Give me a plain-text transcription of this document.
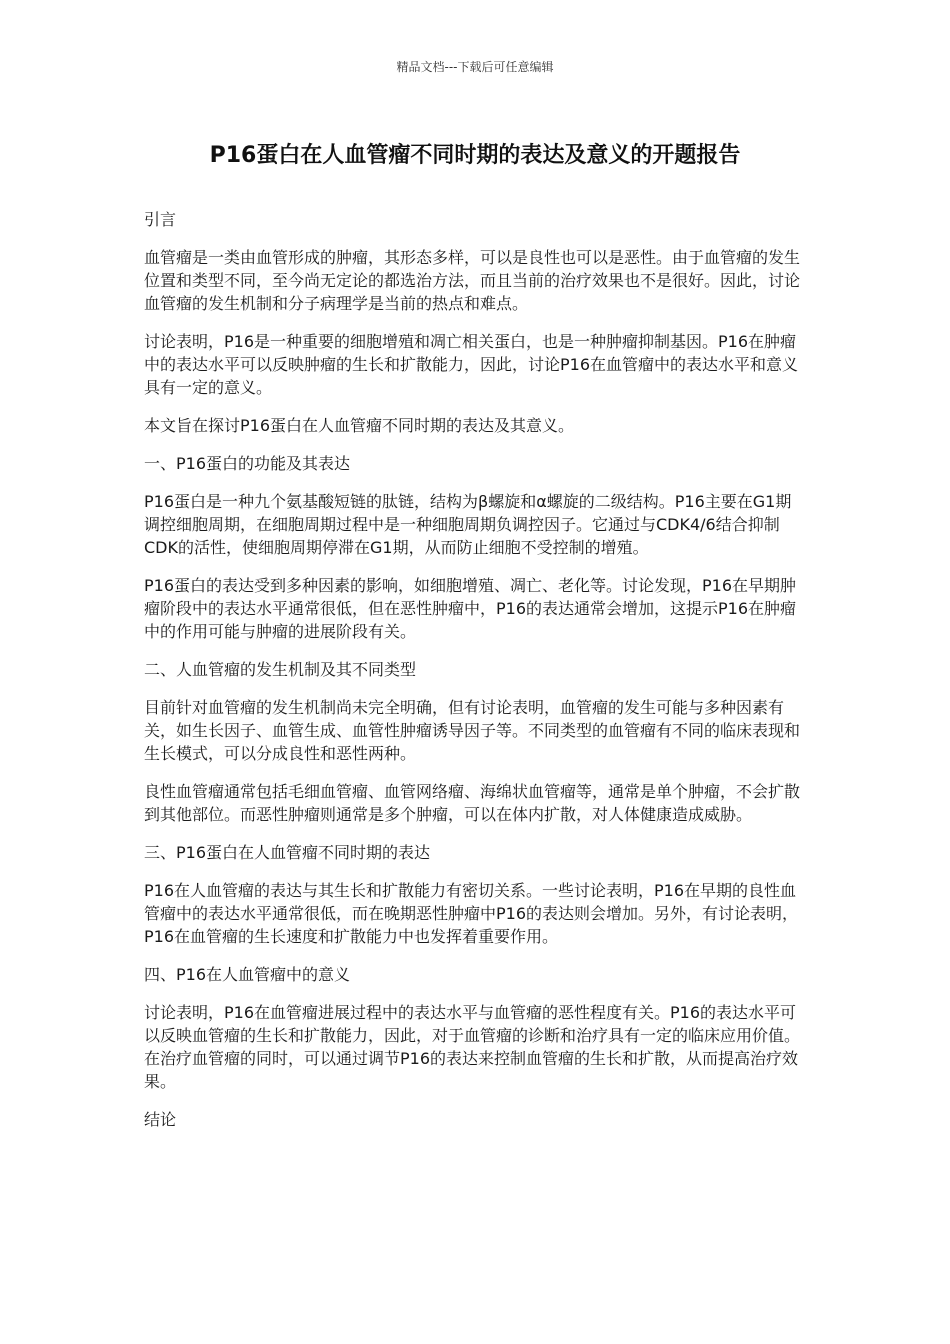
精品文档---下载后可任意编辑
P16蛋白在人血管瘤不同时期的表达及意义的开题报告

引言

血管瘤是一类由血管形成的肿瘤，其形态多样，可以是良性也可以是恶性。由于血管瘤的发生位置和类型不同，至今尚无定论的都选治方法，而且当前的治疗效果也不是很好。因此，讨论血管瘤的发生机制和分子病理学是当前的热点和难点。

讨论表明，P16是一种重要的细胞增殖和凋亡相关蛋白，也是一种肿瘤抑制基因。P16在肿瘤中的表达水平可以反映肿瘤的生长和扩散能力，因此，讨论P16在血管瘤中的表达水平和意义具有一定的意义。

本文旨在探讨P16蛋白在人血管瘤不同时期的表达及其意义。

一、P16蛋白的功能及其表达

P16蛋白是一种九个氨基酸短链的肽链，结构为β螺旋和α螺旋的二级结构。P16主要在G1期调控细胞周期，在细胞周期过程中是一种细胞周期负调控因子。它通过与CDK4/6结合抑制CDK的活性，使细胞周期停滞在G1期，从而防止细胞不受控制的增殖。

P16蛋白的表达受到多种因素的影响，如细胞增殖、凋亡、老化等。讨论发现，P16在早期肿瘤阶段中的表达水平通常很低，但在恶性肿瘤中，P16的表达通常会增加，这提示P16在肿瘤中的作用可能与肿瘤的进展阶段有关。

二、人血管瘤的发生机制及其不同类型

目前针对血管瘤的发生机制尚未完全明确，但有讨论表明，血管瘤的发生可能与多种因素有关，如生长因子、血管生成、血管性肿瘤诱导因子等。不同类型的血管瘤有不同的临床表现和生长模式，可以分成良性和恶性两种。

良性血管瘤通常包括毛细血管瘤、血管网络瘤、海绵状血管瘤等，通常是单个肿瘤，不会扩散到其他部位。而恶性肿瘤则通常是多个肿瘤，可以在体内扩散，对人体健康造成威胁。

三、P16蛋白在人血管瘤不同时期的表达

P16在人血管瘤的表达与其生长和扩散能力有密切关系。一些讨论表明，P16在早期的良性血管瘤中的表达水平通常很低，而在晚期恶性肿瘤中P16的表达则会增加。另外，有讨论表明，P16在血管瘤的生长速度和扩散能力中也发挥着重要作用。

四、P16在人血管瘤中的意义

讨论表明，P16在血管瘤进展过程中的表达水平与血管瘤的恶性程度有关。P16的表达水平可以反映血管瘤的生长和扩散能力，因此，对于血管瘤的诊断和治疗具有一定的临床应用价值。在治疗血管瘤的同时，可以通过调节P16的表达来控制血管瘤的生长和扩散，从而提高治疗效果。

结论
